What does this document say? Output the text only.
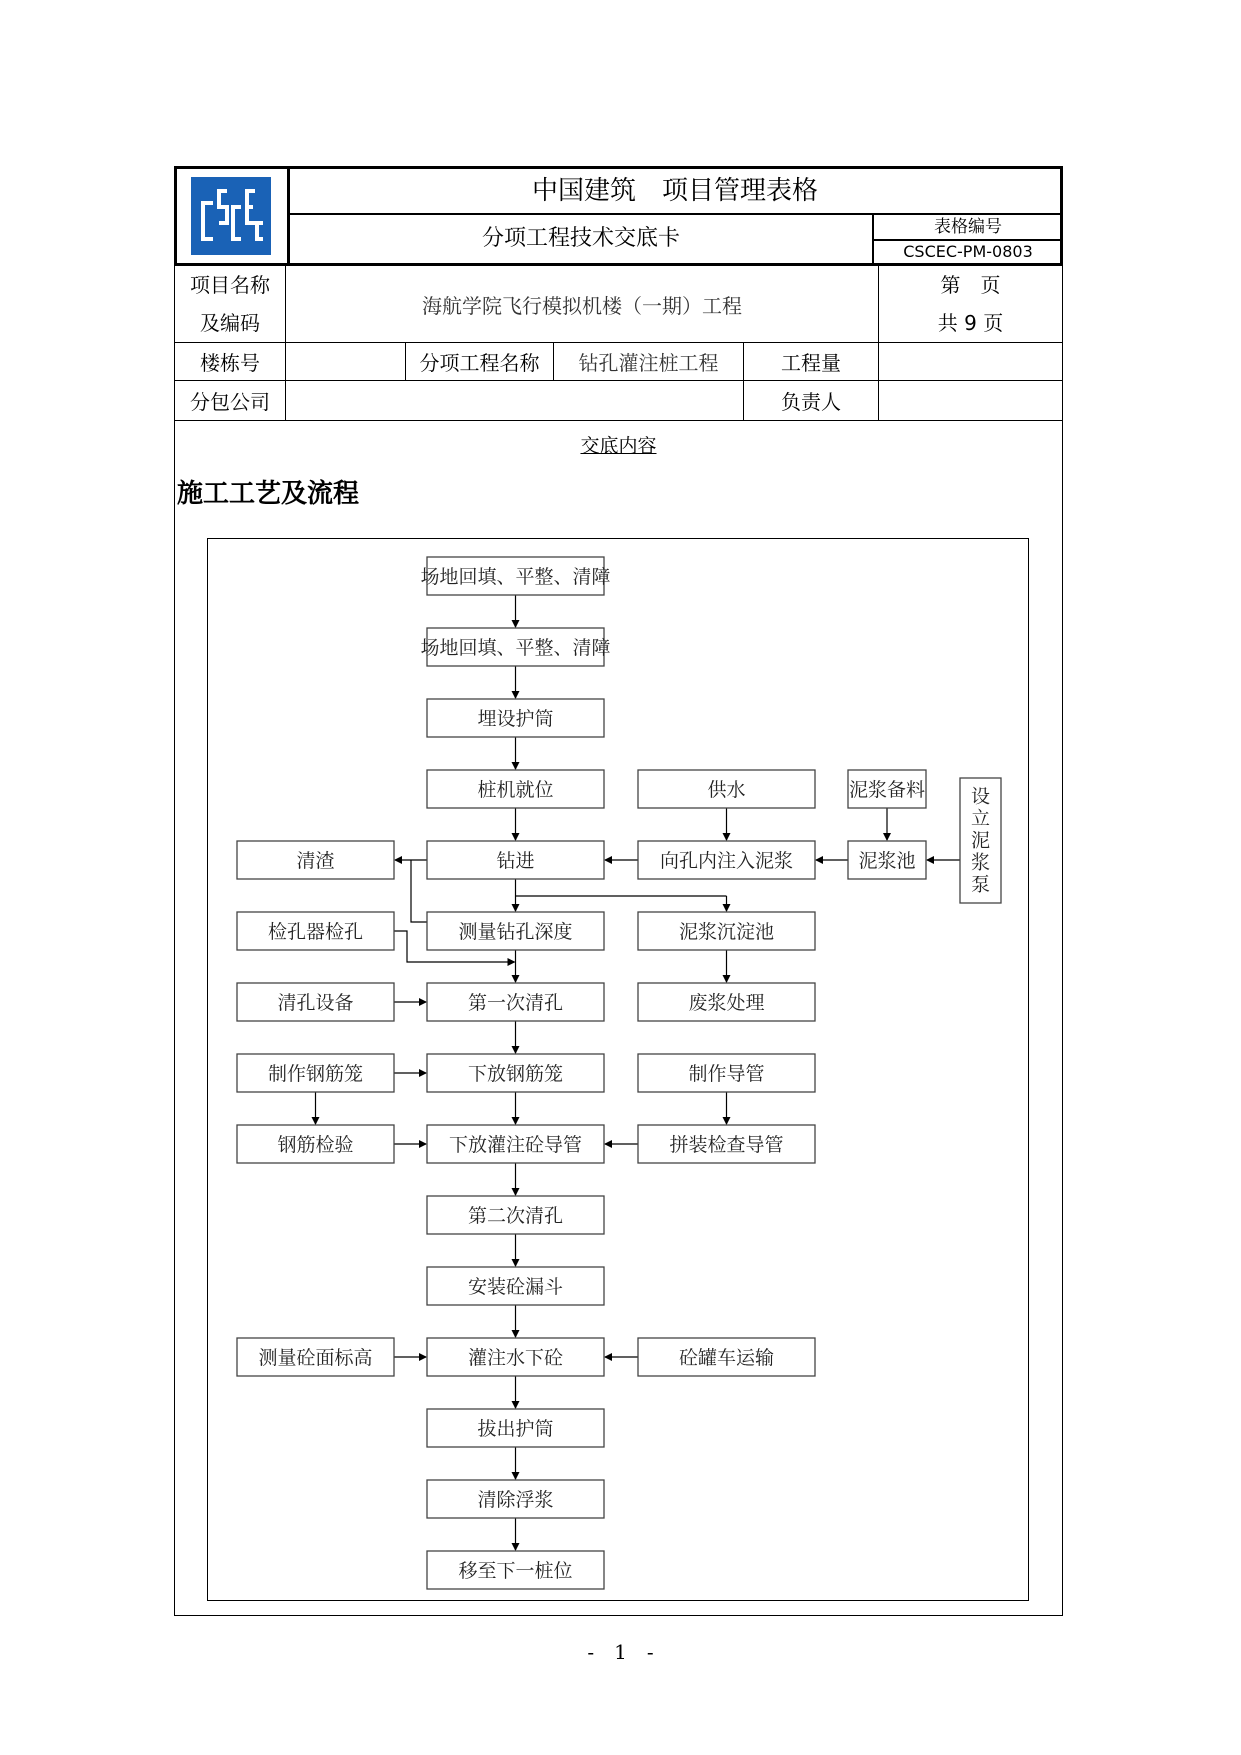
中国建筑　项目管理表格
分项工程技术交底卡	表格编号
CSCEC-PM-0803
项目名称
及编码
海航学院飞行模拟机楼（一期）工程
第　页
共 9 页
楼栋号	分项工程名称	钻孔灌注桩工程	工程量
分包公司	负责人
交底内容
施工工艺及流程
场地回填、平整、清障
场地回填、平整、清障
埋设护筒
桩机就位	供水	泥浆备料
清渣	钻进	向孔内注入泥浆	泥浆池
检孔器检孔	测量钻孔深度	泥浆沉淀池
清孔设备	第一次清孔	废浆处理
制作钢筋笼	下放钢筋笼	制作导管
钢筋检验	下放灌注砼导管	拼装检查导管
第二次清孔
安装砼漏斗
测量砼面标高	灌注水下砼	砼罐车运输
拔出护筒
清除浮浆
移至下一桩位
设立泥浆泵
-　1　-
